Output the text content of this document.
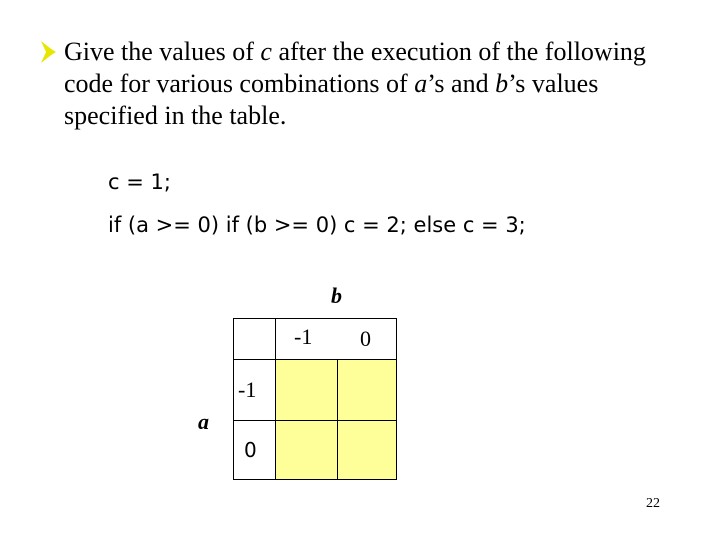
Give the values of c after the execution of the following code for various combinations of a’s and b’s values specified in the table.
c = 1;
if (a >= 0) if (b >= 0) c = 2; else c = 3;
b
a
-1 0
-1
0
22
